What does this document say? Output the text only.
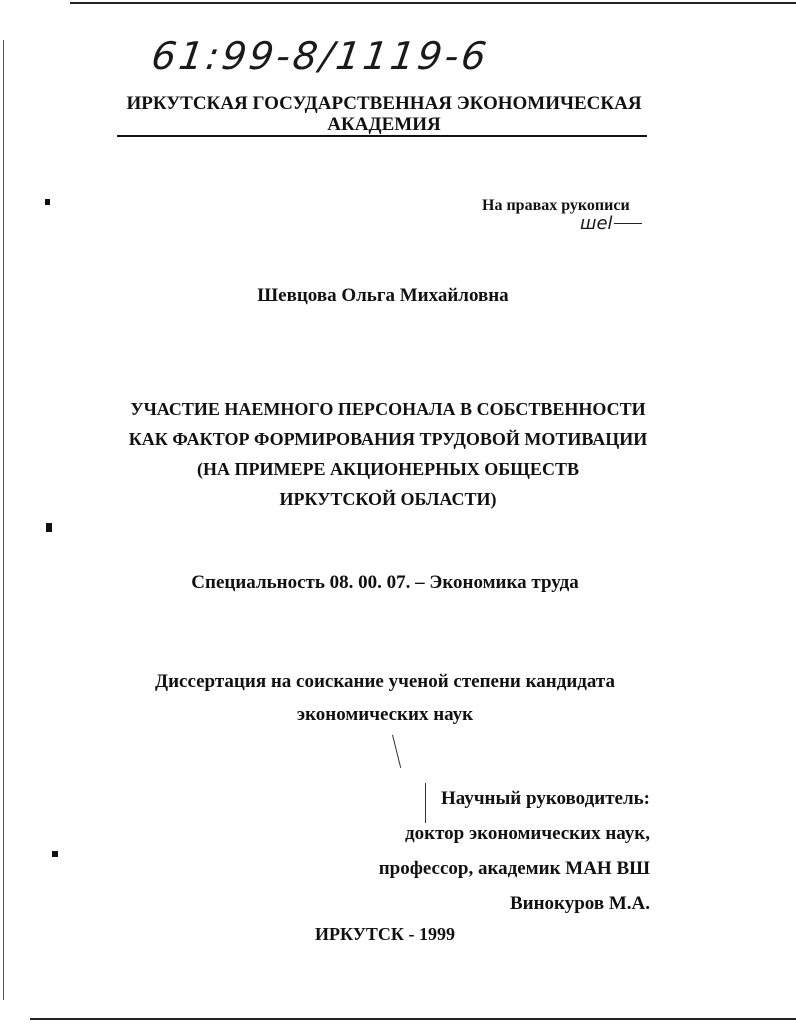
61:99-8/1119-6
ИРКУТСКАЯ ГОСУДАРСТВЕННАЯ ЭКОНОМИЧЕСКАЯ
АКАДЕМИЯ
На правах рукописи
шеl
Шевцова Ольга Михайловна
УЧАСТИЕ НАЕМНОГО ПЕРСОНАЛА В СОБСТВЕННОСТИ
КАК ФАКТОР ФОРМИРОВАНИЯ ТРУДОВОЙ МОТИВАЦИИ
(НА ПРИМЕРЕ АКЦИОНЕРНЫХ ОБЩЕСТВ
ИРКУТСКОЙ ОБЛАСТИ)
Специальность 08. 00. 07. – Экономика труда
Диссертация на соискание ученой степени кандидата
экономических наук
Научный руководитель:
доктор экономических наук,
профессор, академик МАН ВШ
Винокуров М.А.
ИРКУТСК - 1999
